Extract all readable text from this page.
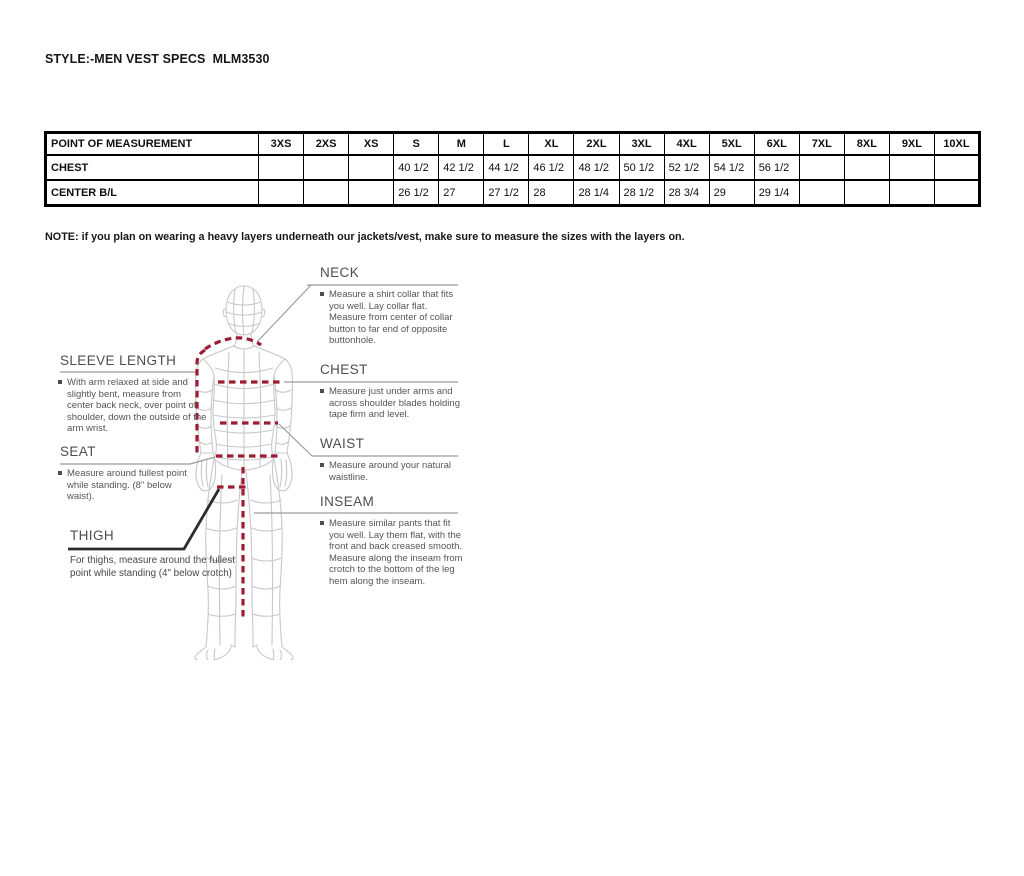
STYLE:-MEN VEST SPECS  MLM3530
POINT OF MEASUREMENT	3XS	2XS	XS	S	M	L	XL	2XL	3XL	4XL	5XL	6XL	7XL	8XL	9XL	10XL
CHEST				40 1/2	42 1/2	44 1/2	46 1/2	48 1/2	50 1/2	52 1/2	54 1/2	56 1/2				
CENTER B/L				26 1/2	27	27 1/2	28	28 1/4	28 1/2	28 3/4	29	29 1/4				
NOTE: if you plan on wearing a heavy layers underneath our jackets/vest, make sure to measure the sizes with the layers on.
NECK
Measure a shirt collar that fits you well. Lay collar flat. Measure from center of collar button to far end of opposite buttonhole.
SLEEVE LENGTH
With arm relaxed at side and slightly bent, measure from center back neck, over point of shoulder, down the outside of the arm wrist.
CHEST
Measure just under arms and across shoulder blades holding tape firm and level.
WAIST
Measure around your natural waistline.
SEAT
Measure around fullest point while standing. (8" below waist).	INSEAM
Measure similar pants that fit you well. Lay them flat, with the front and back creased smooth. Measure along the inseam from crotch to the bottom of the leg hem along the inseam.
THIGH
For thighs, measure around the fullest point while standing (4" below crotch)
